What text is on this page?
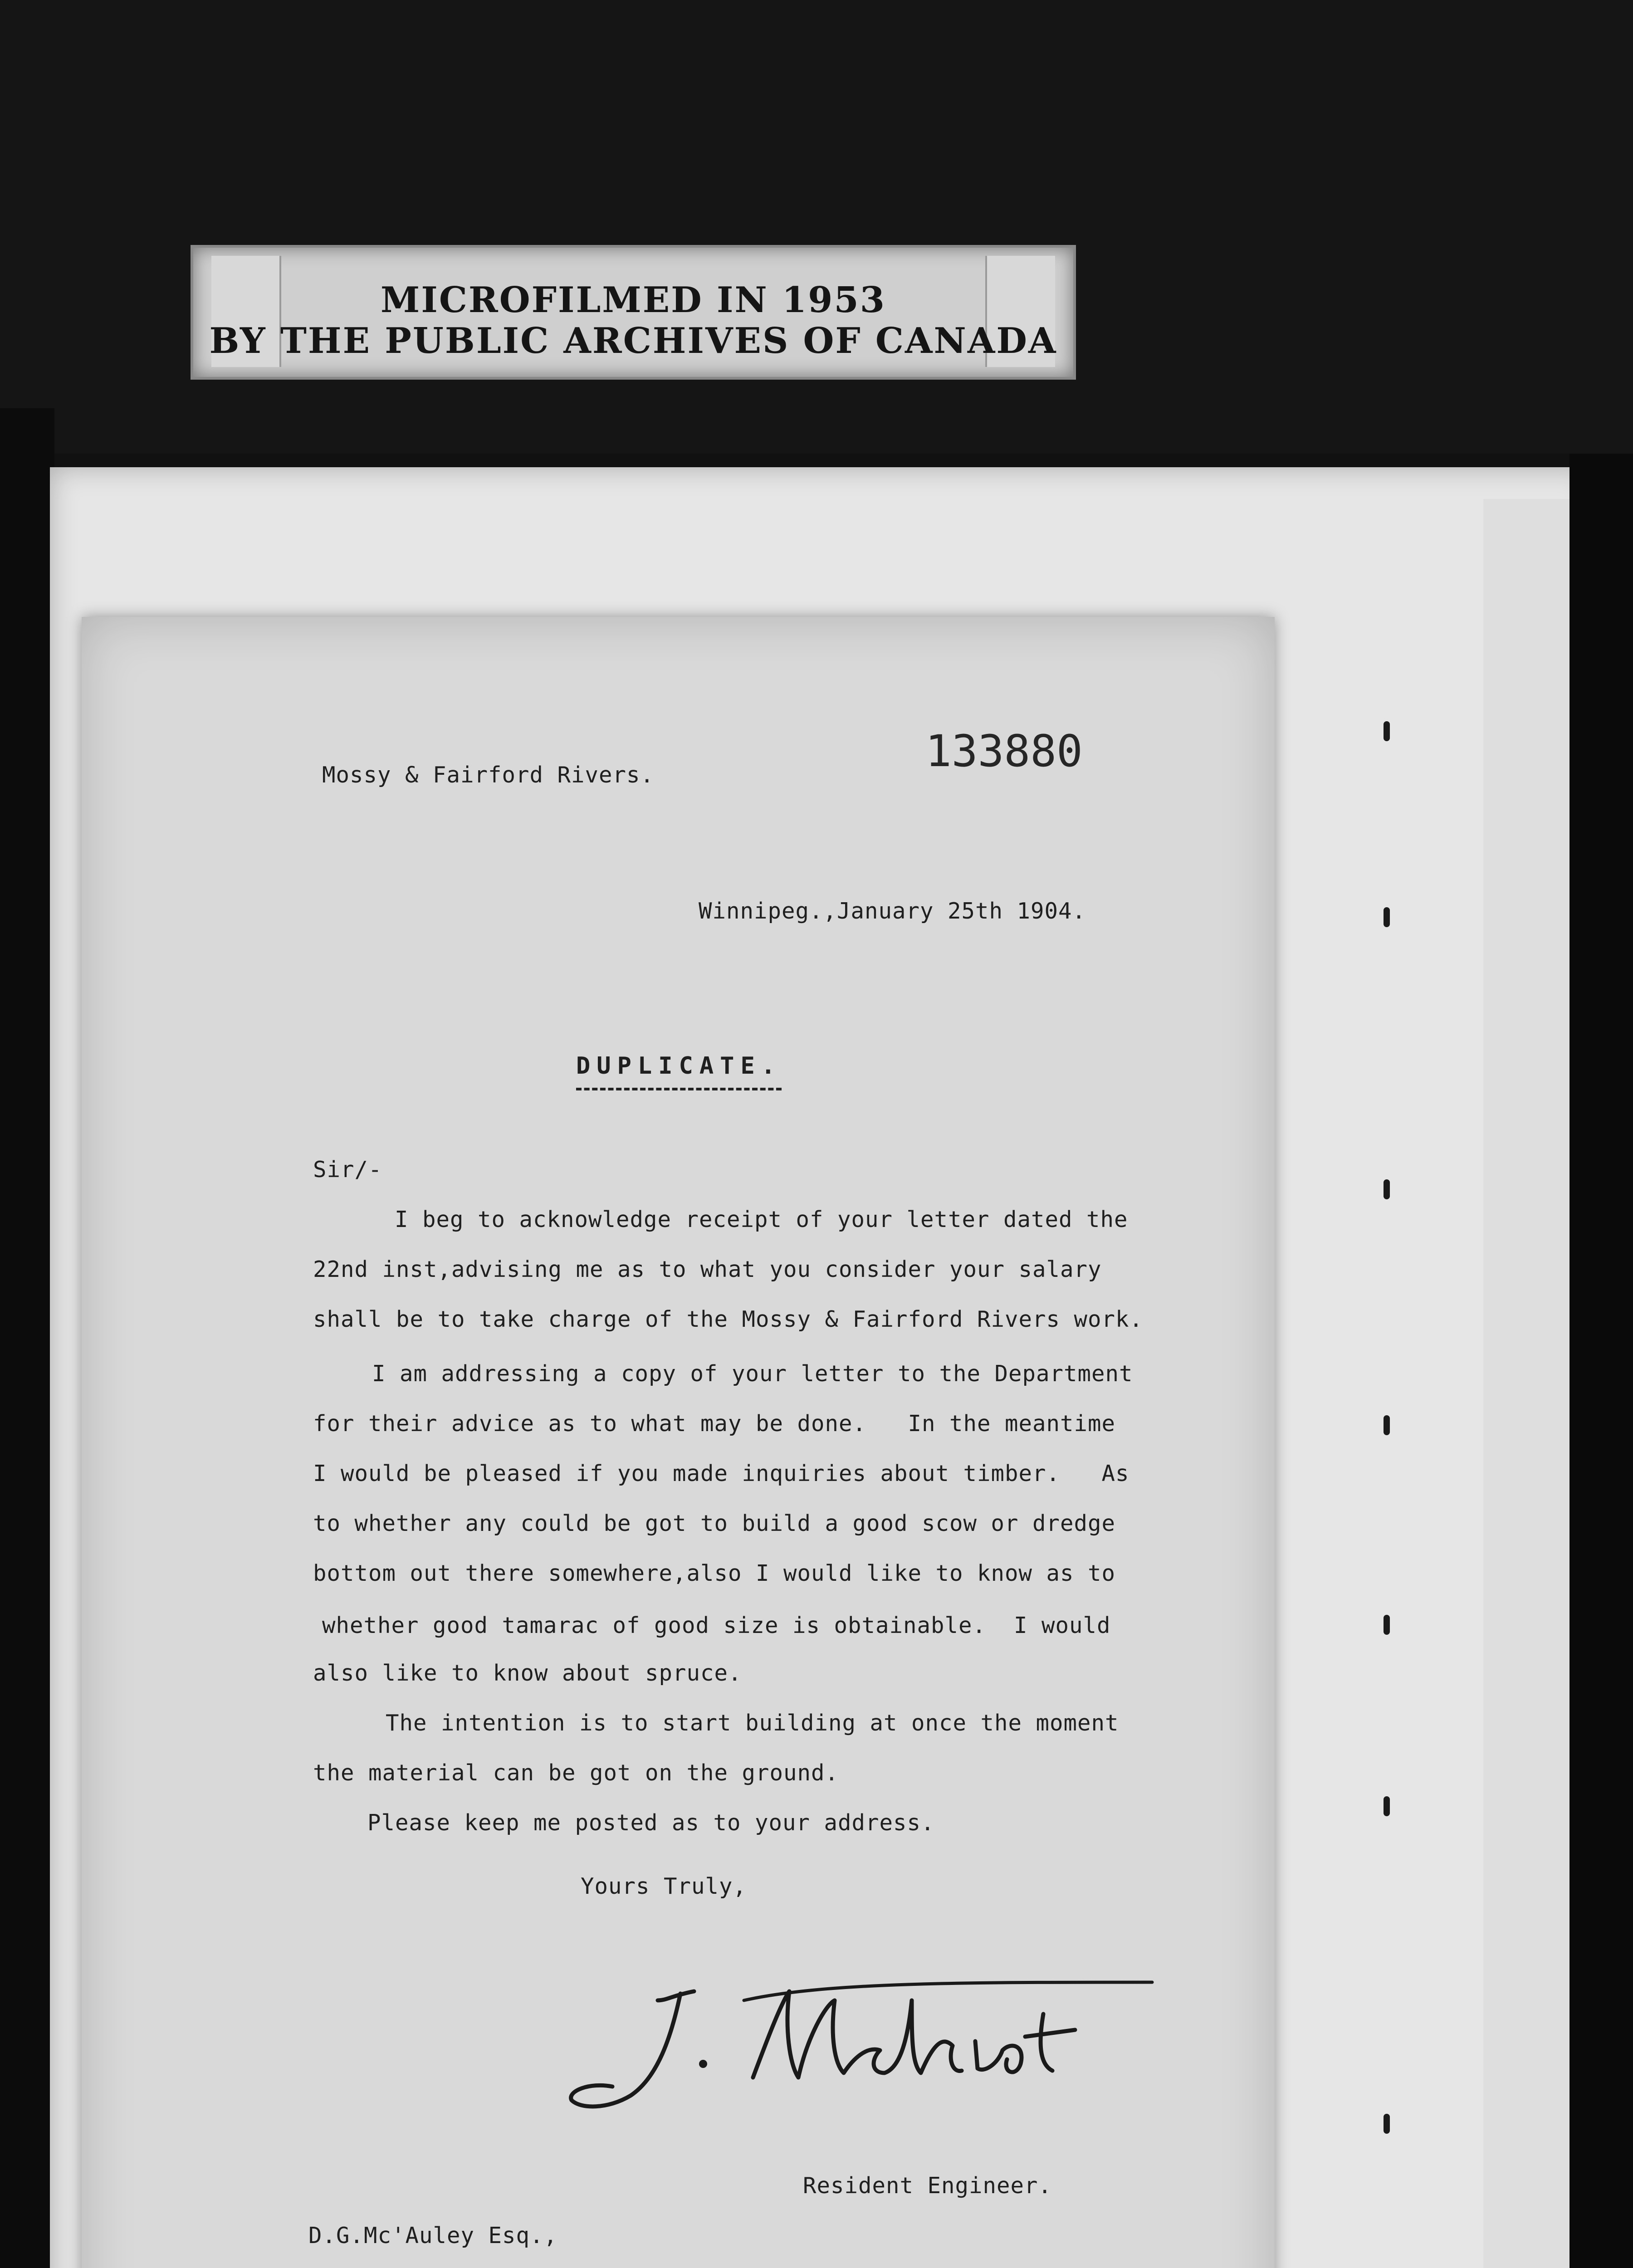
MICROFILMED IN 1953
BY THE PUBLIC ARCHIVES OF CANADA
133880
Mossy & Fairford Rivers.
Winnipeg.,January 25th 1904.
DUPLICATE.
Sir/-
I beg to acknowledge receipt of your letter dated the
22nd inst,advising me as to what you consider your salary
shall be to take charge of the Mossy & Fairford Rivers work.
I am addressing a copy of your letter to the Department
for their advice as to what may be done.   In the meantime
I would be pleased if you made inquiries about timber.   As
to whether any could be got to build a good scow or dredge
bottom out there somewhere,also I would like to know as to
whether good tamarac of good size is obtainable.  I would
also like to know about spruce.
The intention is to start building at once the moment
the material can be got on the ground.
Please keep me posted as to your address.
Yours Truly,
Resident Engineer.
D.G.Mc'Auley Esq.,
